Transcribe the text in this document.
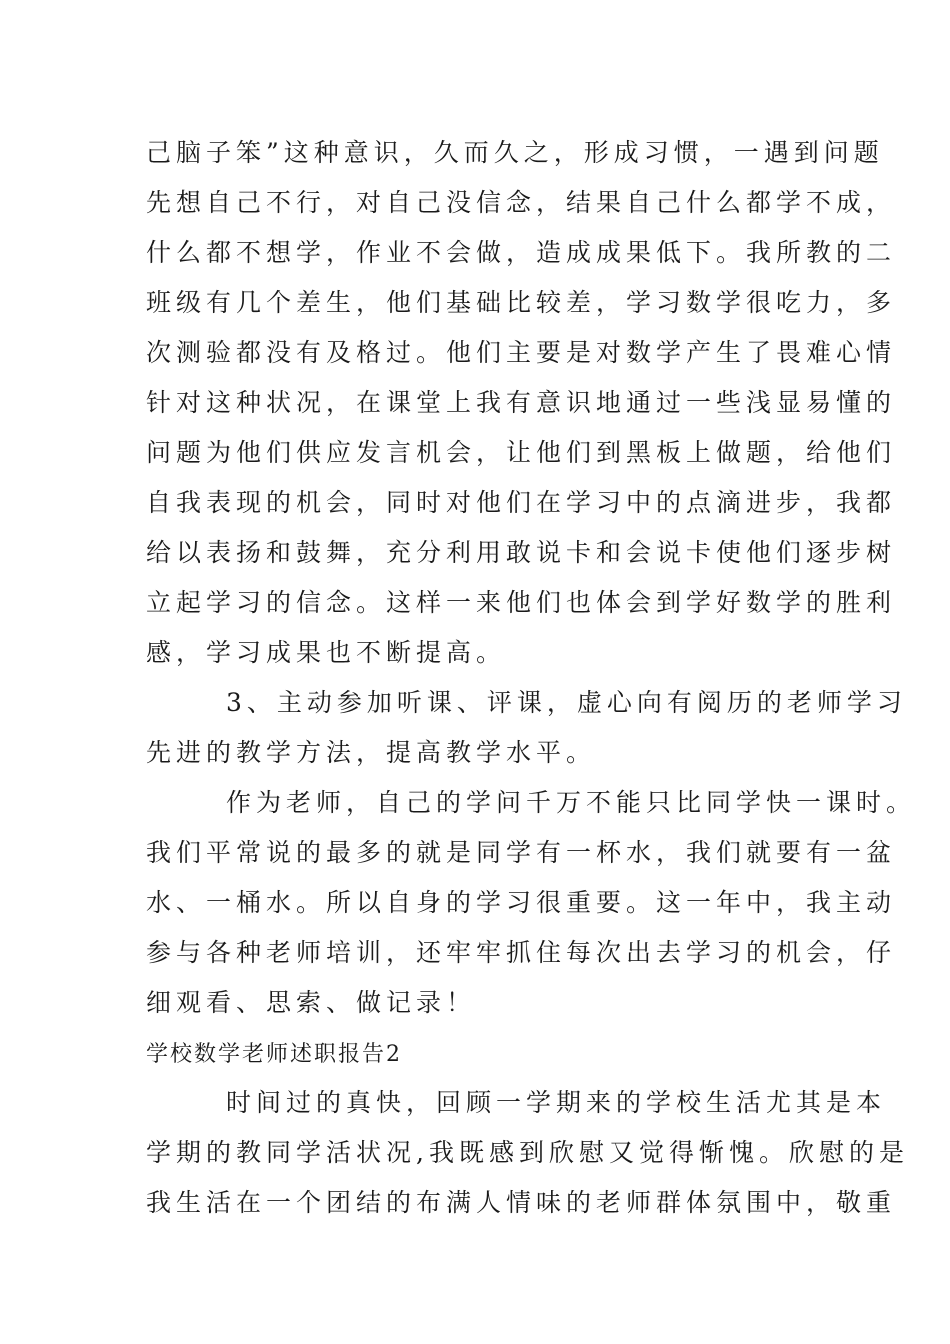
己脑子笨”这种意识，久而久之，形成习惯，一遇到问题
先想自己不行，对自己没信念，结果自己什么都学不成，
什么都不想学，作业不会做，造成成果低下。我所教的二
班级有几个差生，他们基础比较差，学习数学很吃力，多
次测验都没有及格过。他们主要是对数学产生了畏难心情
针对这种状况，在课堂上我有意识地通过一些浅显易懂的
问题为他们供应发言机会，让他们到黑板上做题，给他们
自我表现的机会，同时对他们在学习中的点滴进步，我都
给以表扬和鼓舞，充分利用敢说卡和会说卡使他们逐步树
立起学习的信念。这样一来他们也体会到学好数学的胜利
感，学习成果也不断提高。
3、主动参加听课、评课，虚心向有阅历的老师学习
先进的教学方法，提高教学水平。
作为老师，自己的学问千万不能只比同学快一课时。
我们平常说的最多的就是同学有一杯水，我们就要有一盆
水、一桶水。所以自身的学习很重要。这一年中，我主动
参与各种老师培训，还牢牢抓住每次出去学习的机会，仔
细观看、思索、做记录！
学校数学老师述职报告2
时间过的真快，回顾一学期来的学校生活尤其是本
学期的教同学活状况,我既感到欣慰又觉得惭愧。欣慰的是
我生活在一个团结的布满人情味的老师群体氛围中，敬重
